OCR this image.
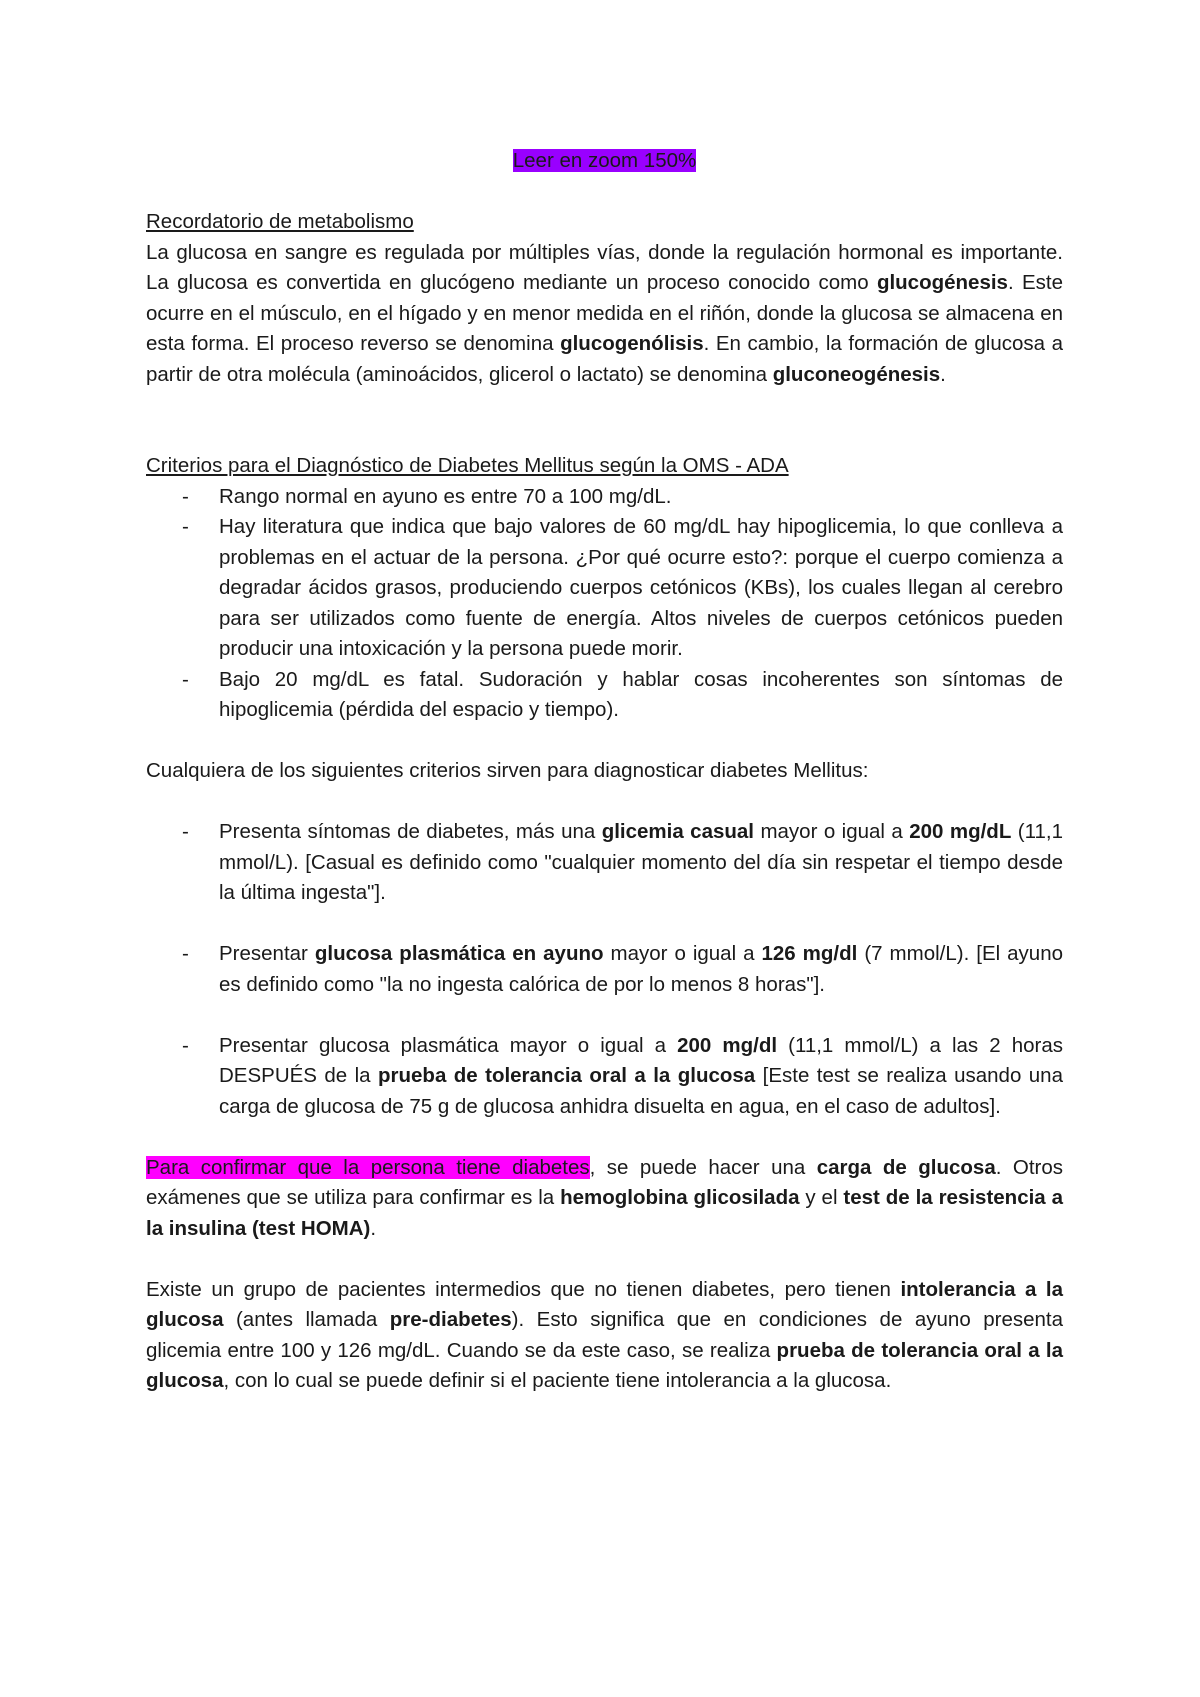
Leer en zoom 150%

Recordatorio de metabolismo

La glucosa en sangre es regulada por múltiples vías, donde la regulación hormonal es importante. La glucosa es convertida en glucógeno mediante un proceso conocido como glucogénesis. Este ocurre en el músculo, en el hígado y en menor medida en el riñón, donde la glucosa se almacena en esta forma. El proceso reverso se denomina glucogenólisis. En cambio, la formación de glucosa a partir de otra molécula (aminoácidos, glicerol o lactato) se denomina gluconeogénesis.

Criterios para el Diagnóstico de Diabetes Mellitus según la OMS - ADA

- Rango normal en ayuno es entre 70 a 100 mg/dL.
- Hay literatura que indica que bajo valores de 60 mg/dL hay hipoglicemia, lo que conlleva a problemas en el actuar de la persona. ¿Por qué ocurre esto?: porque el cuerpo comienza a degradar ácidos grasos, produciendo cuerpos cetónicos (KBs), los cuales llegan al cerebro para ser utilizados como fuente de energía. Altos niveles de cuerpos cetónicos pueden producir una intoxicación y la persona puede morir.
- Bajo 20 mg/dL es fatal. Sudoración y hablar cosas incoherentes son síntomas de hipoglicemia (pérdida del espacio y tiempo).

Cualquiera de los siguientes criterios sirven para diagnosticar diabetes Mellitus:

- Presenta síntomas de diabetes, más una glicemia casual mayor o igual a 200 mg/dL (11,1 mmol/L). [Casual es definido como "cualquier momento del día sin respetar el tiempo desde la última ingesta"].
- Presentar glucosa plasmática en ayuno mayor o igual a 126 mg/dl (7 mmol/L). [El ayuno es definido como "la no ingesta calórica de por lo menos 8 horas"].
- Presentar glucosa plasmática mayor o igual a 200 mg/dl (11,1 mmol/L) a las 2 horas DESPUÉS de la prueba de tolerancia oral a la glucosa [Este test se realiza usando una carga de glucosa de 75 g de glucosa anhidra disuelta en agua, en el caso de adultos].

Para confirmar que la persona tiene diabetes, se puede hacer una carga de glucosa. Otros exámenes que se utiliza para confirmar es la hemoglobina glicosilada y el test de la resistencia a la insulina (test HOMA).

Existe un grupo de pacientes intermedios que no tienen diabetes, pero tienen intolerancia a la glucosa (antes llamada pre-diabetes). Esto significa que en condiciones de ayuno presenta glicemia entre 100 y 126 mg/dL. Cuando se da este caso, se realiza prueba de tolerancia oral a la glucosa, con lo cual se puede definir si el paciente tiene intolerancia a la glucosa.
